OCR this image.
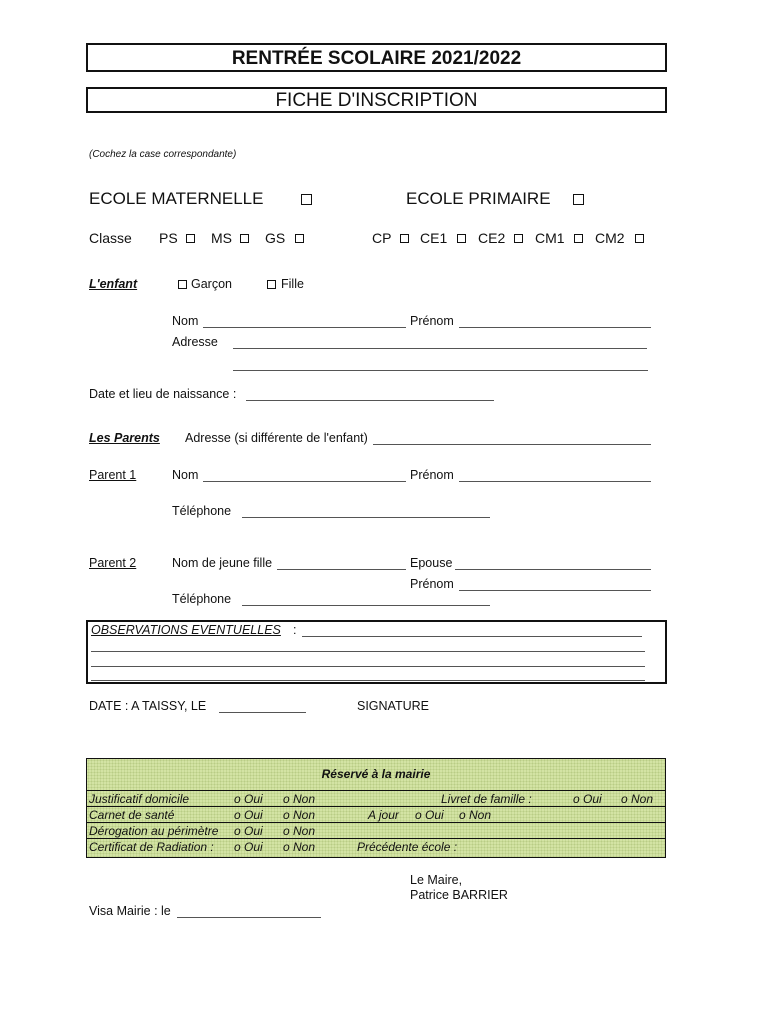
RENTRÉE SCOLAIRE 2021/2022
FICHE D'INSCRIPTION
(Cochez la case correspondante)
ECOLE MATERNELLE	ECOLE PRIMAIRE
Classe PS MS GS	CP CE1 CE2 CM1 CM2
L'enfant	Garçon	Fille
Nom	Prénom
Adresse
Date et lieu de naissance :
Les Parents Adresse (si différente de l'enfant)
Parent 1	Nom	Prénom
Téléphone
Parent 2	Nom de jeune fille	Epouse
Prénom
Téléphone
OBSERVATIONS EVENTUELLES :
DATE : A TAISSY, LE	SIGNATURE
Réservé à la mairie
Justificatif domicile	o Oui o Non	Livret de famille :	o Oui o Non
Carnet de santé	o Oui o Non	A jour o Oui o Non
Dérogation au périmètre o Oui o Non
Certificat de Radiation : o Oui o Non	Précédente école :
Le Maire,
Patrice BARRIER
Visa Mairie : le
